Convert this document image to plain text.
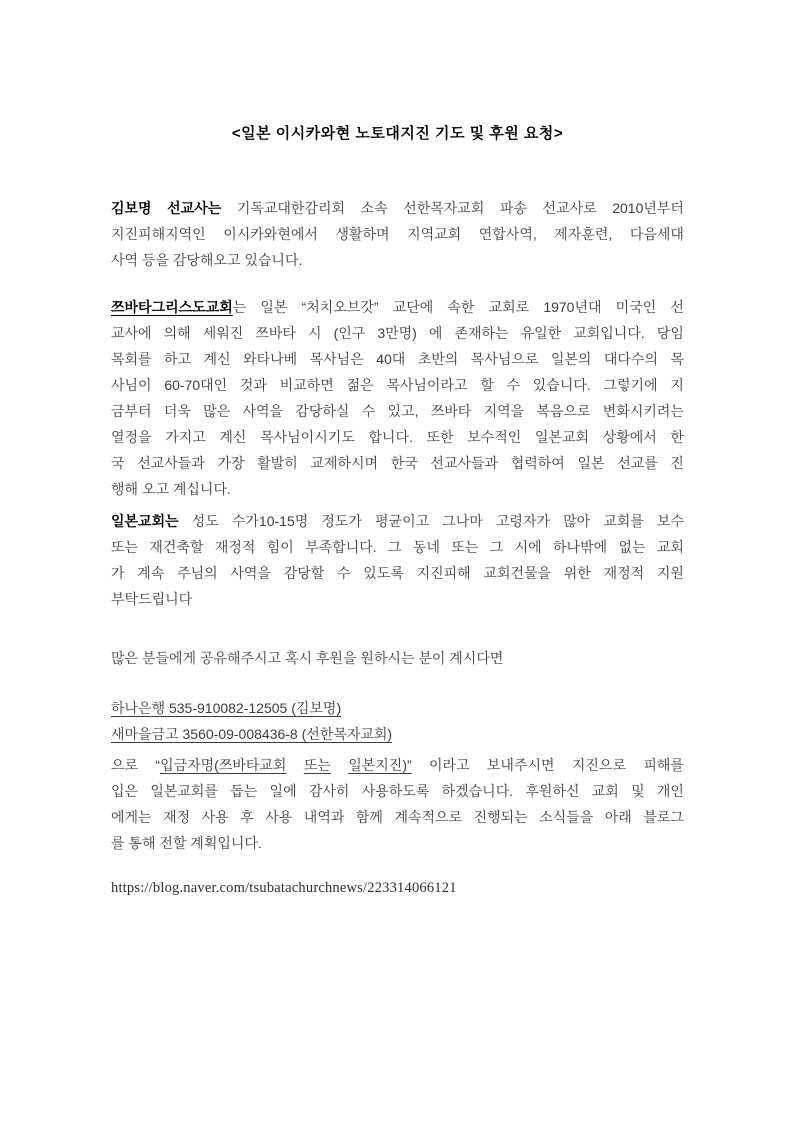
<일본 이시카와현 노토대지진 기도 및 후원 요청>
김보명 선교사는 기독교대한감리회 소속 선한목자교회 파송 선교사로 2010년부터
지진피해지역인 이시카와현에서 생활하며 지역교회 연합사역, 제자훈련, 다음세대
사역 등을 감당해오고 있습니다.
쯔바타그리스도교회는 일본 “처치오브갓” 교단에 속한 교회로 1970년대 미국인 선
교사에 의해 세워진 쯔바타 시 (인구 3만명) 에 존재하는 유일한 교회입니다. 당임
목회를 하고 계신 와타나베 목사님은 40대 초반의 목사님으로 일본의 대다수의 목
사님이 60-70대인 것과 비교하면 젊은 목사님이라고 할 수 있습니다. 그렇기에 지
금부터 더욱 많은 사역을 감당하실 수 있고, 쯔바타 지역을 복음으로 변화시키려는
열정을 가지고 계신 목사님이시기도 합니다. 또한 보수적인 일본교회 상황에서 한
국 선교사들과 가장 활발히 교제하시며 한국 선교사들과 협력하여 일본 선교를 진
행해 오고 계십니다.
일본교회는 성도 수가10-15명 정도가 평균이고 그나마 고령자가 많아 교회를 보수
또는 재건축할 재정적 힘이 부족합니다. 그 동네 또는 그 시에 하나밖에 없는 교회
가 계속 주님의 사역을 감당할 수 있도록 지진피해 교회건물을 위한 재정적 지원
부탁드립니다
많은 분들에게 공유해주시고 혹시 후원을 원하시는 분이 계시다면
하나은행 535-910082-12505 (김보명)
새마을금고 3560-09-008436-8 (선한목자교회)
으로 “입금자명(쯔바타교회 또는 일본지진)” 이라고 보내주시면 지진으로 피해를
입은 일본교회를 돕는 일에 감사히 사용하도록 하겠습니다. 후원하신 교회 및 개인
에게는 재정 사용 후 사용 내역과 함께 계속적으로 진행되는 소식들을 아래 블로그
를 통해 전할 계획입니다.
https://blog.naver.com/tsubatachurchnews/223314066121
